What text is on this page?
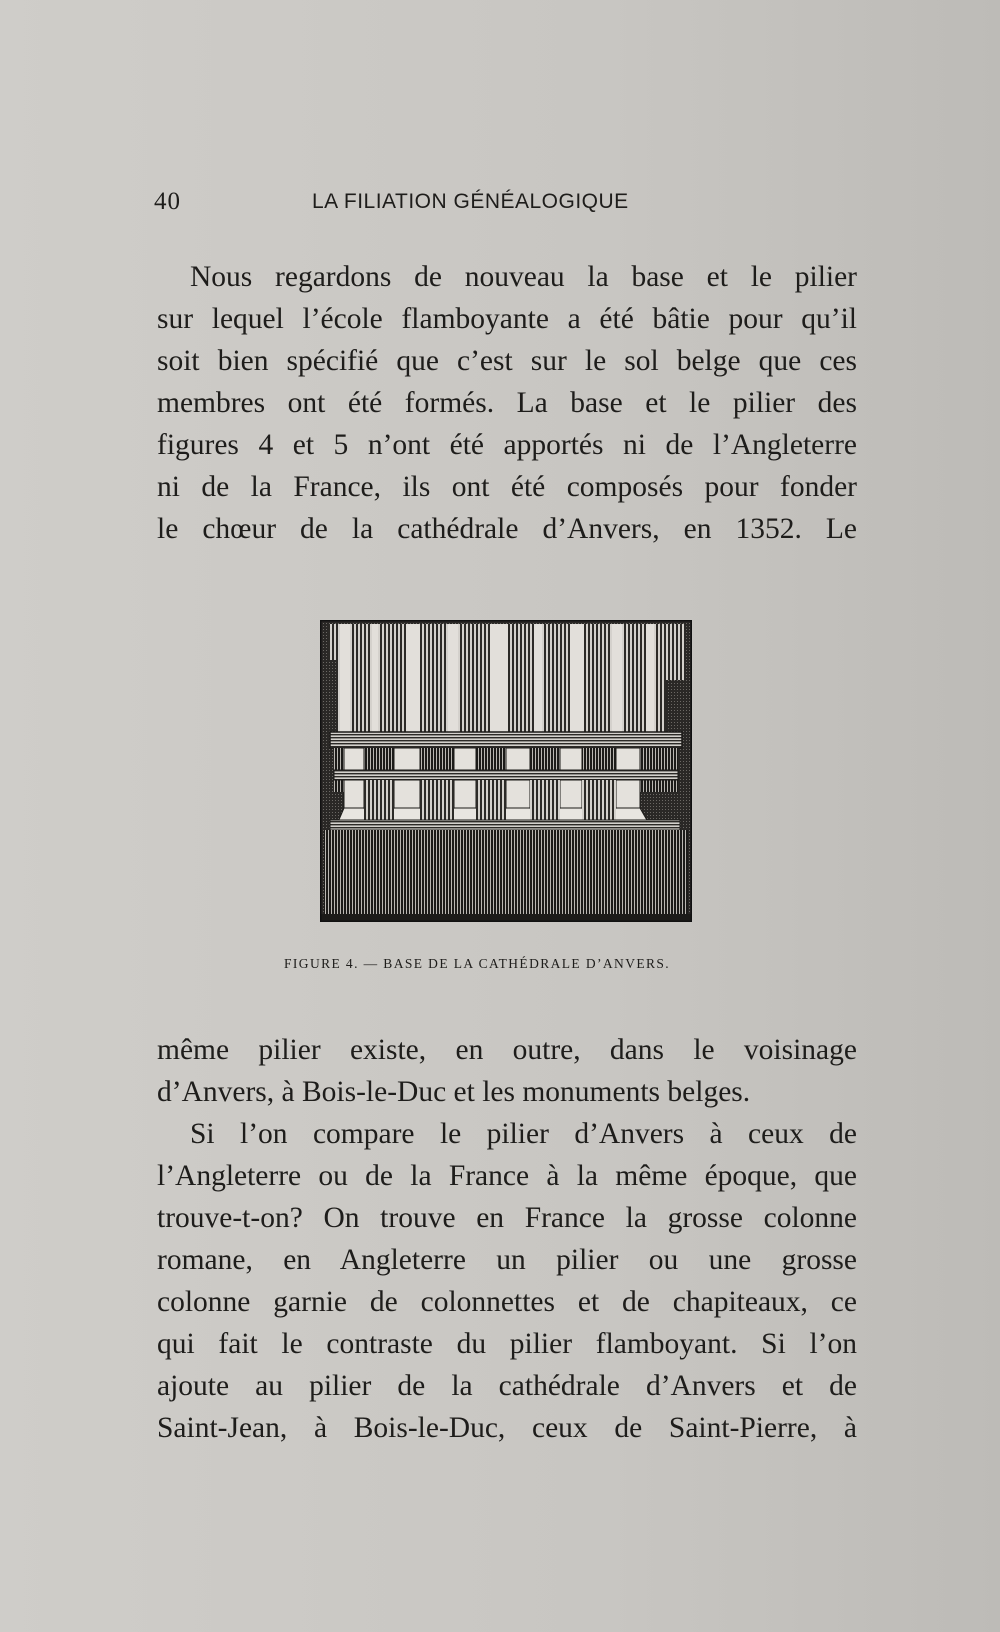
40	LA FILIATION GÉNÉALOGIQUE
Nous regardons de nouveau la base et le pilier
sur lequel l’école flamboyante a été bâtie pour qu’il
soit bien spécifié que c’est sur le sol belge que ces
membres ont été formés. La base et le pilier des
figures 4 et 5 n’ont été apportés ni de l’Angleterre
ni de la France, ils ont été composés pour fonder
le chœur de la cathédrale d’Anvers, en 1352. Le
FIGURE 4. — BASE DE LA CATHÉDRALE D’ANVERS.
même pilier existe, en outre, dans le voisinage
d’Anvers, à Bois-le-Duc et les monuments belges.
Si l’on compare le pilier d’Anvers à ceux de
l’Angleterre ou de la France à la même époque, que
trouve-t-on? On trouve en France la grosse colonne
romane, en Angleterre un pilier ou une grosse
colonne garnie de colonnettes et de chapiteaux, ce
qui fait le contraste du pilier flamboyant. Si l’on
ajoute au pilier de la cathédrale d’Anvers et de
Saint-Jean, à Bois-le-Duc, ceux de Saint-Pierre, à
